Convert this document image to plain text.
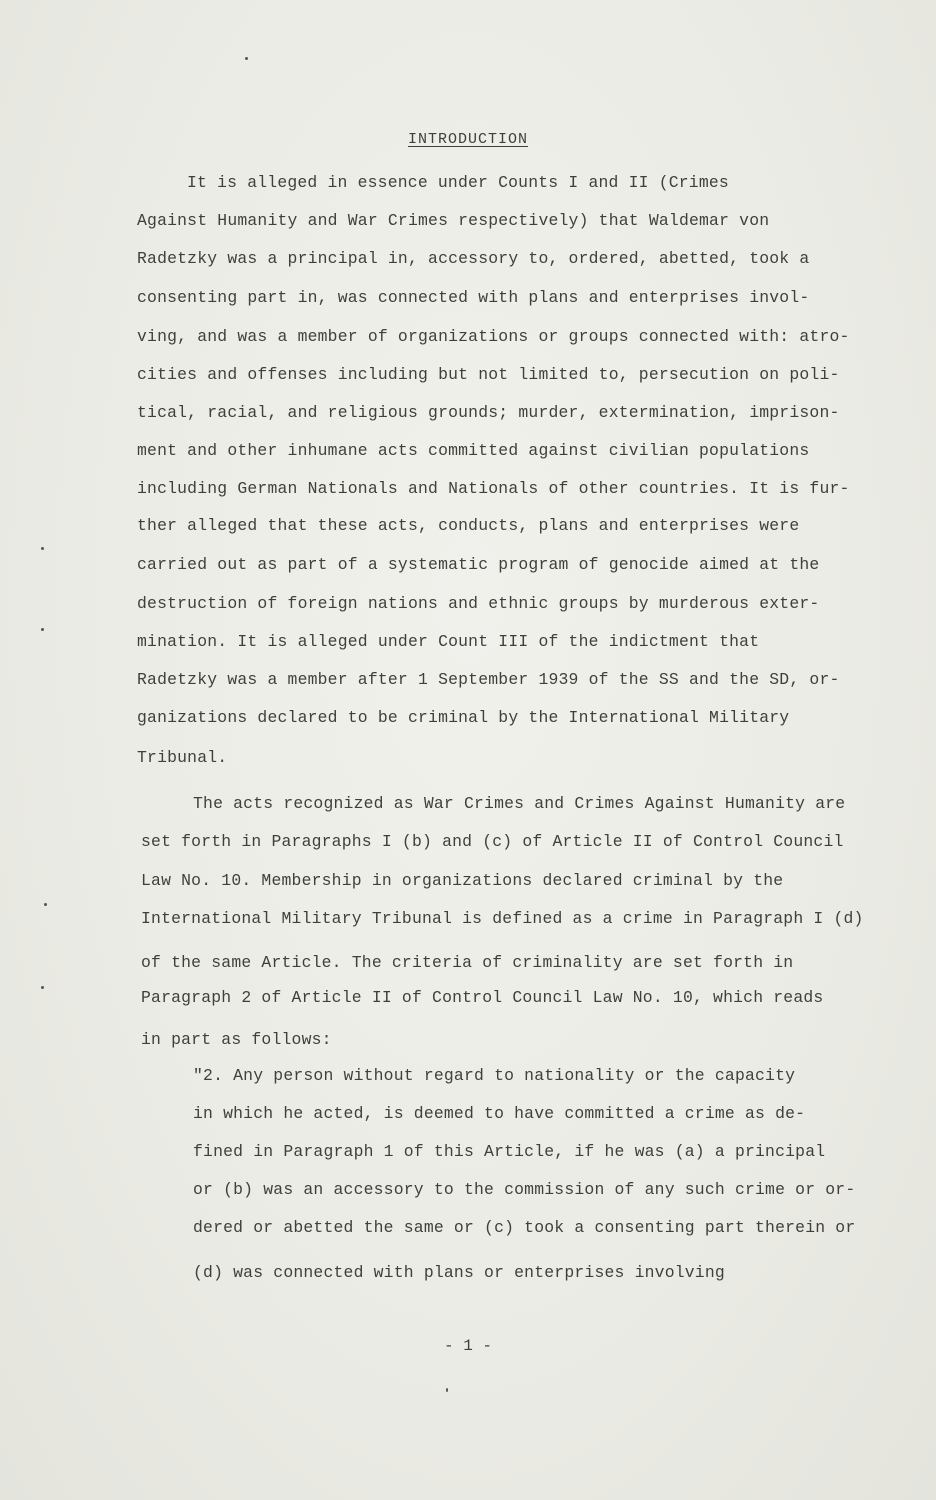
INTRODUCTION
It is alleged in essence under Counts I and II (Crimes
Against Humanity and War Crimes respectively) that Waldemar von
Radetzky was a principal in, accessory to, ordered, abetted, took a
consenting part in, was connected with plans and enterprises invol-
ving, and was a member of organizations or groups connected with: atro-
cities and offenses including but not limited to, persecution on poli-
tical, racial, and religious grounds; murder, extermination, imprison-
ment and other inhumane acts committed against civilian populations
including German Nationals and Nationals of other countries. It is fur-
ther alleged that these acts, conducts, plans and enterprises were
carried out as part of a systematic program of genocide aimed at the
destruction of foreign nations and ethnic groups by murderous exter-
mination. It is alleged under Count III of the indictment that
Radetzky was a member after 1 September 1939 of the SS and the SD, or-
ganizations declared to be criminal by the International Military
Tribunal.
The acts recognized as War Crimes and Crimes Against Humanity are
set forth in Paragraphs I (b) and (c) of Article II of Control Council
Law No. 10. Membership in organizations declared criminal by the
International Military Tribunal is defined as a crime in Paragraph I (d)
of the same Article. The criteria of criminality are set forth in
Paragraph 2 of Article II of Control Council Law No. 10, which reads
in part as follows:
"2. Any person without regard to nationality or the capacity
in which he acted, is deemed to have committed a crime as de-
fined in Paragraph 1 of this Article, if he was (a) a principal
or (b) was an accessory to the commission of any such crime or or-
dered or abetted the same or (c) took a consenting part therein or
(d) was connected with plans or enterprises involving
- 1 -
